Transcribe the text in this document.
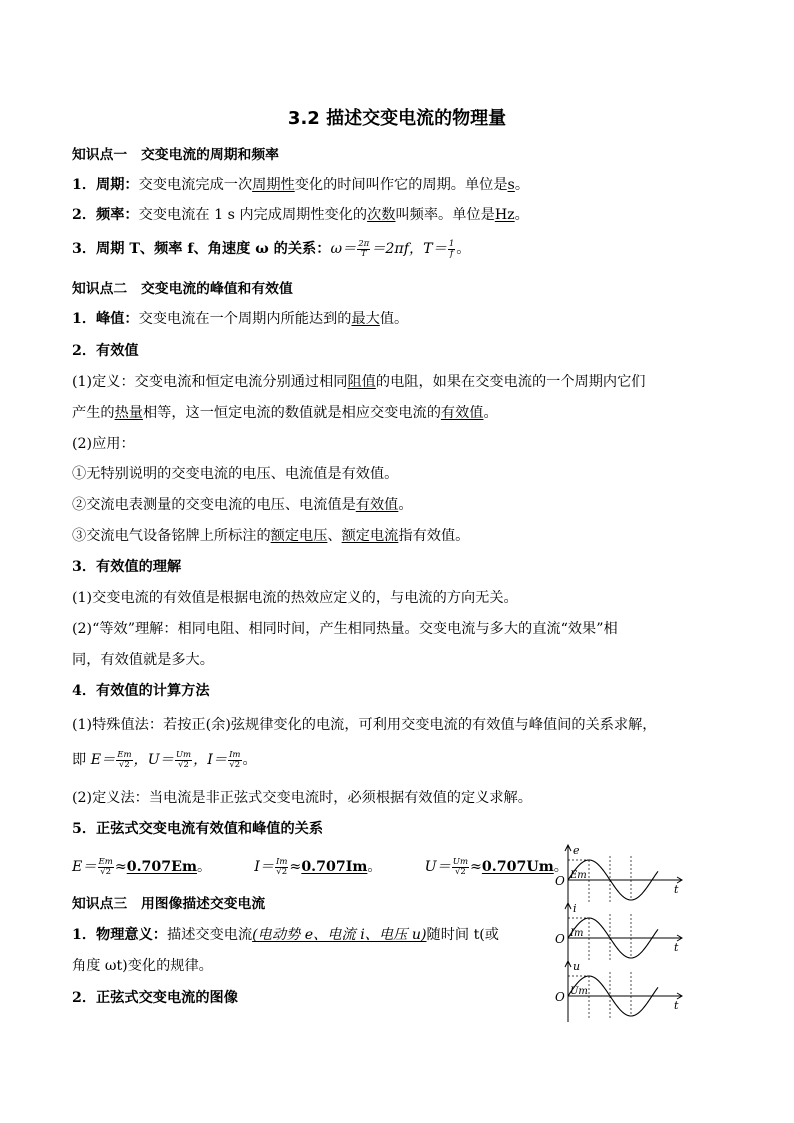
3.2 描述交变电流的物理量
知识点一　交变电流的周期和频率
1．周期：交变电流完成一次周期性变化的时间叫作它的周期。单位是s。
2．频率：交变电流在 1 s 内完成周期性变化的次数叫频率。单位是Hz。
3．周期 T、频率 f、角速度 ω 的关系：$\omega= \frac{2\pi}{T} =2\pi f$，$T= \frac{1}{f}$ 。
知识点二　交变电流的峰值和有效值
1．峰值：交变电流在一个周期内所能达到的最大值。
2．有效值
(1)定义：交变电流和恒定电流分别通过相同阻值的电阻，如果在交变电流的一个周期内它们
产生的热量相等，这一恒定电流的数值就是相应交变电流的有效值。
(2)应用：
①无特别说明的交变电流的电压、电流值是有效值。
②交流电表测量的交变电流的电压、电流值是有效值。
③交流电气设备铭牌上所标注的额定电压、额定电流指有效值。
3．有效值的理解
(1)交变电流的有效值是根据电流的热效应定义的，与电流的方向无关。
(2)“等效”理解：相同电阻、相同时间，产生相同热量。交变电流与多大的直流“效果”相
同，有效值就是多大。
4．有效值的计算方法
(1)特殊值法：若按正(余)弦规律变化的电流，可利用交变电流的有效值与峰值间的关系求解，
即 $E= \frac{Em}{√2}$ ，$U= \frac{Um}{√2}$ ，$I= \frac{Im}{√2}$ 。
(2)定义法：当电流是非正弦式交变电流时，必须根据有效值的定义求解。
5．正弦式交变电流有效值和峰值的关系
$E= \frac{Em}{√2} \approx 0.707Em$。	$I= \frac{Im}{√2} \approx 0.707Im$。	$U= \frac{Um}{√2} \approx 0.707Um$。
知识点三　用图像描述交变电流
1．物理意义：描述交变电流(电动势 e、电流 i、电压 u)随时间 t(或
角度 ωt)变化的规律。
2．正弦式交变电流的图像
e
Em
t
O
i
Im
t
O
u
Um
t
O
